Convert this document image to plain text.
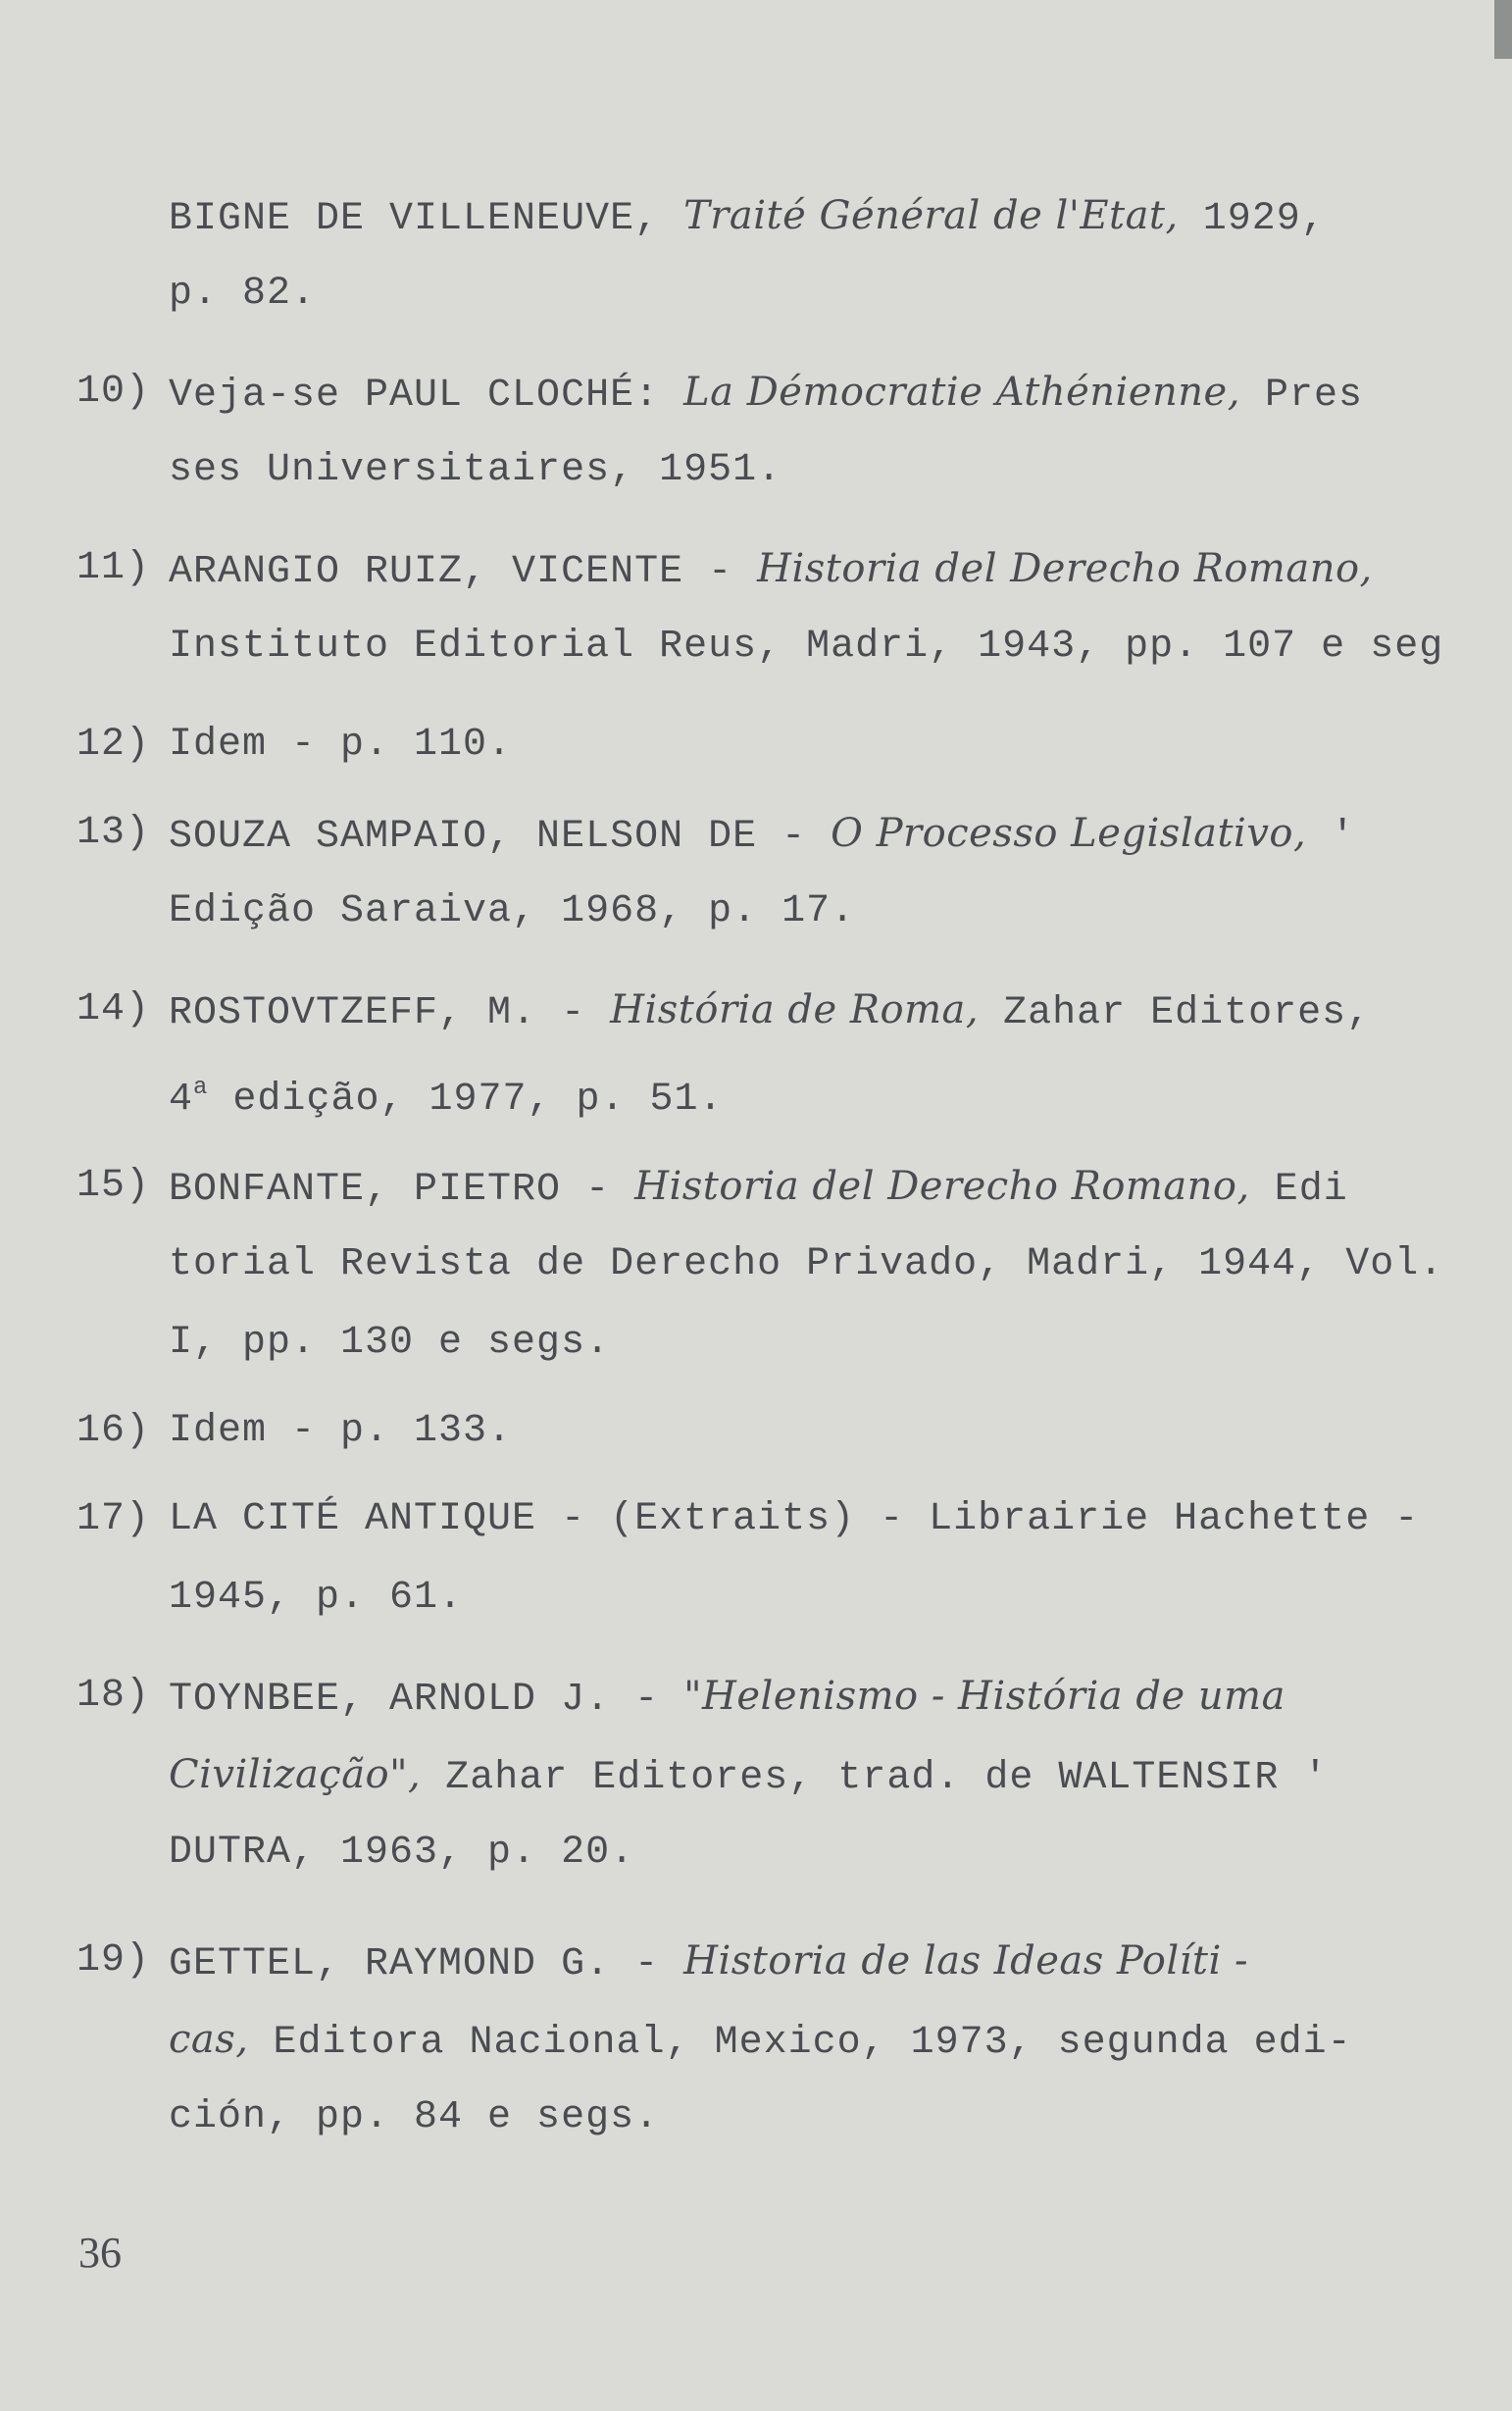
BIGNE DE VILLENEUVE, Traité Général de l'Etat, 1929,
p. 82.
10) Veja-se PAUL CLOCHÉ: La Démocratie Athénienne, Pres
ses Universitaires, 1951.
11) ARANGIO RUIZ, VICENTE - Historia del Derecho Romano,
Instituto Editorial Reus, Madri, 1943, pp. 107 e seg
12) Idem - p. 110.
13) SOUZA SAMPAIO, NELSON DE - O Processo Legislativo, '
Edição Saraiva, 1968, p. 17.
14) ROSTOVTZEFF, M. - História de Roma, Zahar Editores,
4$^a$ edição, 1977, p. 51.
15) BONFANTE, PIETRO - Historia del Derecho Romano, Edi
torial Revista de Derecho Privado, Madri, 1944, Vol.
I, pp. 130 e segs.
16) Idem - p. 133.
17) LA CITÉ ANTIQUE - (Extraits) - Librairie Hachette -
1945, p. 61.
18) TOYNBEE, ARNOLD J. - "Helenismo - História de uma
Civilização", Zahar Editores, trad. de WALTENSIR '
DUTRA, 1963, p. 20.
19) GETTEL, RAYMOND G. - Historia de las Ideas Políti -
cas, Editora Nacional, Mexico, 1973, segunda edi-
ción, pp. 84 e segs.
36
